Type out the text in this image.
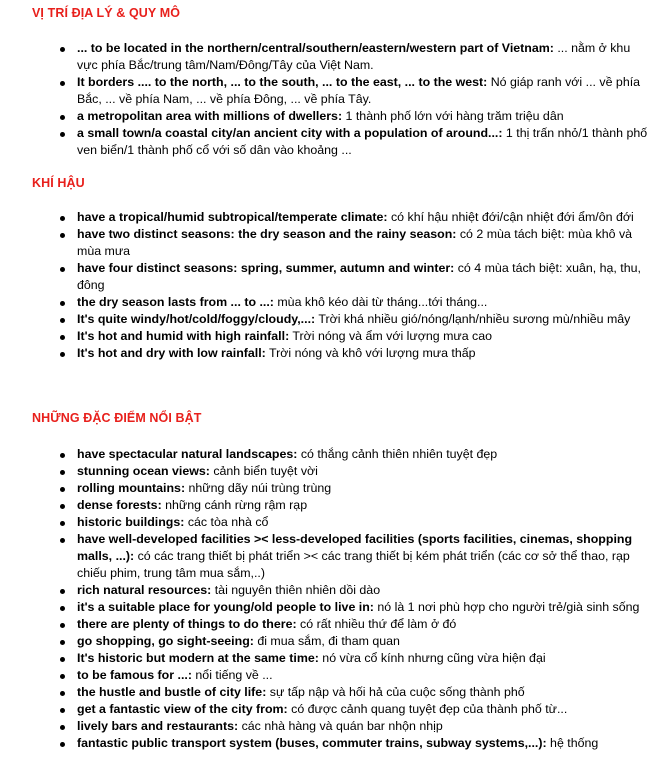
VỊ TRÍ ĐỊA LÝ & QUY MÔ
... to be located in the northern/central/southern/eastern/western part of Vietnam: ... nằm ở khu vực phía Bắc/trung tâm/Nam/Đông/Tây của Việt Nam.
It borders .... to the north, ... to the south, ... to the east, ... to the west: Nó giáp ranh với ... về phía Bắc, ... về phía Nam, ... về phía Đông, ... về phía Tây.
a metropolitan area with millions of dwellers: 1 thành phố lớn với hàng trăm triệu dân
a small town/a coastal city/an ancient city with a population of around...: 1 thị trấn nhỏ/1 thành phố ven biển/1 thành phố cổ với số dân vào khoảng ...
KHÍ HẬU
have a tropical/humid subtropical/temperate climate: có khí hậu nhiệt đới/cận nhiệt đới ẩm/ôn đới
have two distinct seasons: the dry season and the rainy season: có 2 mùa tách biệt: mùa khô và mùa mưa
have four distinct seasons: spring, summer, autumn and winter: có 4 mùa tách biệt: xuân, hạ, thu, đông
the dry season lasts from ... to ...: mùa khô kéo dài từ tháng...tới tháng...
It's quite windy/hot/cold/foggy/cloudy,...: Trời khá nhiều gió/nóng/lạnh/nhiều sương mù/nhiều mây
It's hot and humid with high rainfall: Trời nóng và ẩm với lượng mưa cao
It's hot and dry with low rainfall: Trời nóng và khô với lượng mưa thấp
NHỮNG ĐẶC ĐIỂM NỔI BẬT
have spectacular natural landscapes: có thắng cảnh thiên nhiên tuyệt đẹp
stunning ocean views: cảnh biển tuyệt vời
rolling mountains: những dãy núi trùng trùng
dense forests: những cánh rừng rậm rạp
historic buildings: các tòa nhà cổ
have well-developed facilities >< less-developed facilities (sports facilities, cinemas, shopping malls, ...): có các trang thiết bị phát triển >< các trang thiết bị kém phát triển (các cơ sở thể thao, rạp chiếu phim, trung tâm mua sắm,..)
rich natural resources: tài nguyên thiên nhiên dồi dào
it's a suitable place for young/old people to live in: nó là 1 nơi phù hợp cho người trẻ/già sinh sống
there are plenty of things to do there: có rất nhiều thứ để làm ở đó
go shopping, go sight-seeing: đi mua sắm, đi tham quan
It's historic but modern at the same time: nó vừa cổ kính nhưng cũng vừa hiện đại
to be famous for ...: nổi tiếng về ...
the hustle and bustle of city life: sự tấp nập và hối hả của cuộc sống thành phố
get a fantastic view of the city from: có được cảnh quang tuyệt đẹp của thành phố từ...
lively bars and restaurants: các nhà hàng và quán bar nhộn nhịp
fantastic public transport system (buses, commuter trains, subway systems,...): hệ thống
